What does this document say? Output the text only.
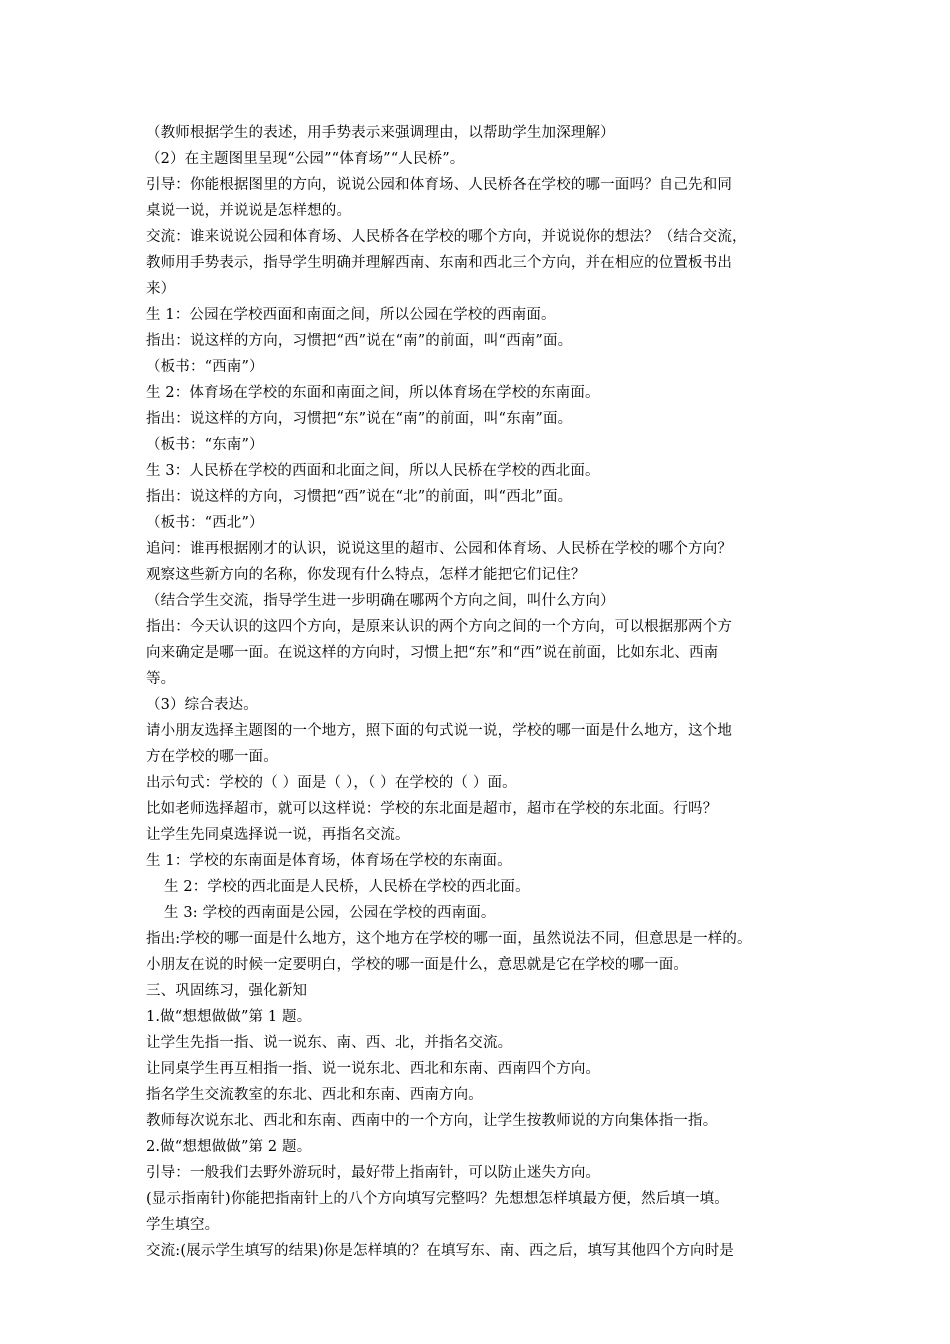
（教师根据学生的表述，用手势表示来强调理由，以帮助学生加深理解）
（2）在主题图里呈现“公园”“体育场”“人民桥”。
引导：你能根据图里的方向，说说公园和体育场、人民桥各在学校的哪一面吗？自己先和同
桌说一说，并说说是怎样想的。
交流：谁来说说公园和体育场、人民桥各在学校的哪个方向，并说说你的想法？（结合交流，
教师用手势表示，指导学生明确并理解西南、东南和西北三个方向，并在相应的位置板书出
来）
生 1：公园在学校西面和南面之间，所以公园在学校的西南面。
指出：说这样的方向，习惯把“西”说在“南”的前面，叫“西南”面。
（板书：“西南”）
生 2：体育场在学校的东面和南面之间，所以体育场在学校的东南面。
指出：说这样的方向，习惯把“东”说在“南”的前面，叫“东南”面。
（板书：“东南”）
生 3：人民桥在学校的西面和北面之间，所以人民桥在学校的西北面。
指出：说这样的方向，习惯把“西”说在“北”的前面，叫“西北”面。
（板书：“西北”）
追问：谁再根据刚才的认识，说说这里的超市、公园和体育场、人民桥在学校的哪个方向？
观察这些新方向的名称，你发现有什么特点，怎样才能把它们记住？
（结合学生交流，指导学生进一步明确在哪两个方向之间，叫什么方向）
指出：今天认识的这四个方向，是原来认识的两个方向之间的一个方向，可以根据那两个方
向来确定是哪一面。在说这样的方向时，习惯上把“东”和“西”说在前面，比如东北、西南
等。
（3）综合表达。
请小朋友选择主题图的一个地方，照下面的句式说一说，学校的哪一面是什么地方，这个地
方在学校的哪一面。
出示句式：学校的（ ）面是（ ），（ ）在学校的（ ）面。
比如老师选择超市，就可以这样说：学校的东北面是超市，超市在学校的东北面。行吗？
让学生先同桌选择说一说，再指名交流。
生 1：学校的东南面是体育场，体育场在学校的东南面。
生 2：学校的西北面是人民桥，人民桥在学校的西北面。
生 3: 学校的西南面是公园，公园在学校的西南面。
指出:学校的哪一面是什么地方，这个地方在学校的哪一面，虽然说法不同，但意思是一样的。
小朋友在说的时候一定要明白，学校的哪一面是什么，意思就是它在学校的哪一面。
三、巩固练习，强化新知
1.做“想想做做”第 1 题。
让学生先指一指、说一说东、南、西、北，并指名交流。
让同桌学生再互相指一指、说一说东北、西北和东南、西南四个方向。
指名学生交流教室的东北、西北和东南、西南方向。
教师每次说东北、西北和东南、西南中的一个方向，让学生按教师说的方向集体指一指。
2.做“想想做做”第 2 题。
引导：一般我们去野外游玩时，最好带上指南针，可以防止迷失方向。
(显示指南针)你能把指南针上的八个方向填写完整吗？先想想怎样填最方便，然后填一填。
学生填空。
交流:(展示学生填写的结果)你是怎样填的？在填写东、南、西之后，填写其他四个方向时是
